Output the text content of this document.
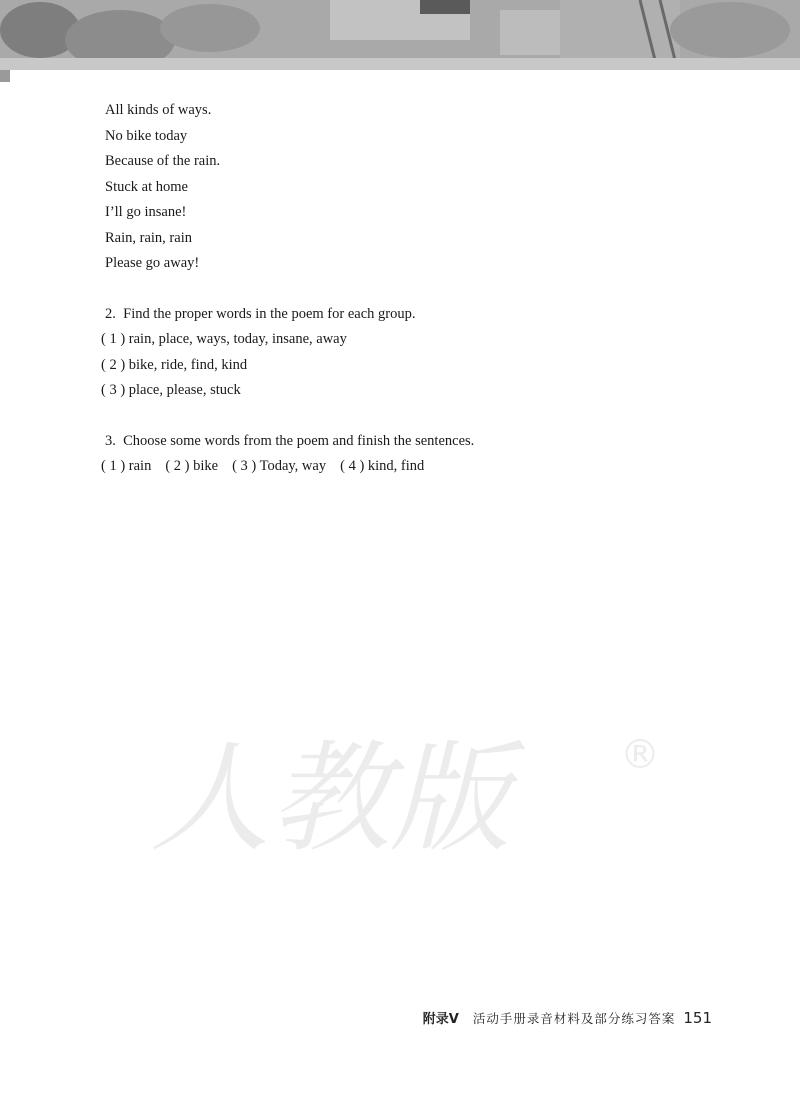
All kinds of ways.
No bike today
Because of the rain.
Stuck at home
I’ll go insane!
Rain, rain, rain
Please go away!
2.  Find the proper words in the poem for each group.
( 1 ) rain, place, ways, today, insane, away
( 2 ) bike, ride, find, kind
( 3 ) place, please, stuck
3.  Choose some words from the poem and finish the sentences.
( 1 ) rain ( 2 ) bike ( 3 ) Today, way ( 4 ) kind, find
人教版	®
附录V 活动手册录音材料及部分练习答案 151
